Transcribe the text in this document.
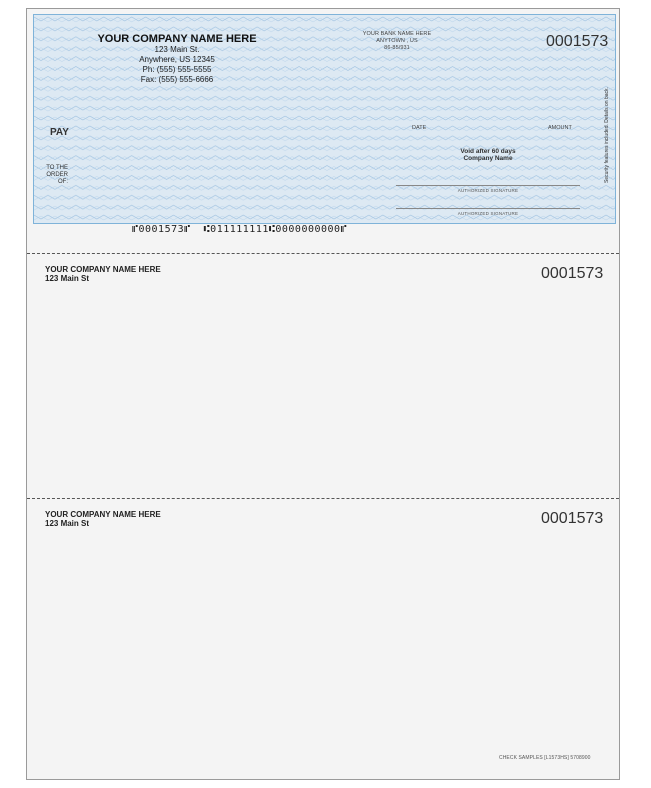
YOUR COMPANY NAME HERE
123 Main St.
Anywhere, US 12345
Ph: (555) 555-5555
Fax: (555) 555-6666
YOUR BANK NAME HERE
ANYTOWN , US
86-85/931	0001573
PAY
TO THE
ORDER
OF:
DATE	AMOUNT
Void after 60 days
Company Name
AUTHORIZED SIGNATURE
AUTHORIZED SIGNATURE
Security features included. Details on back.
⑈0001573⑈  ⑆011111111⑆0000000000⑈
YOUR COMPANY NAME HERE
123 Main St	0001573
YOUR COMPANY NAME HERE
123 Main St	0001573
CHECK SAMPLES [L1573HS] 5708900
